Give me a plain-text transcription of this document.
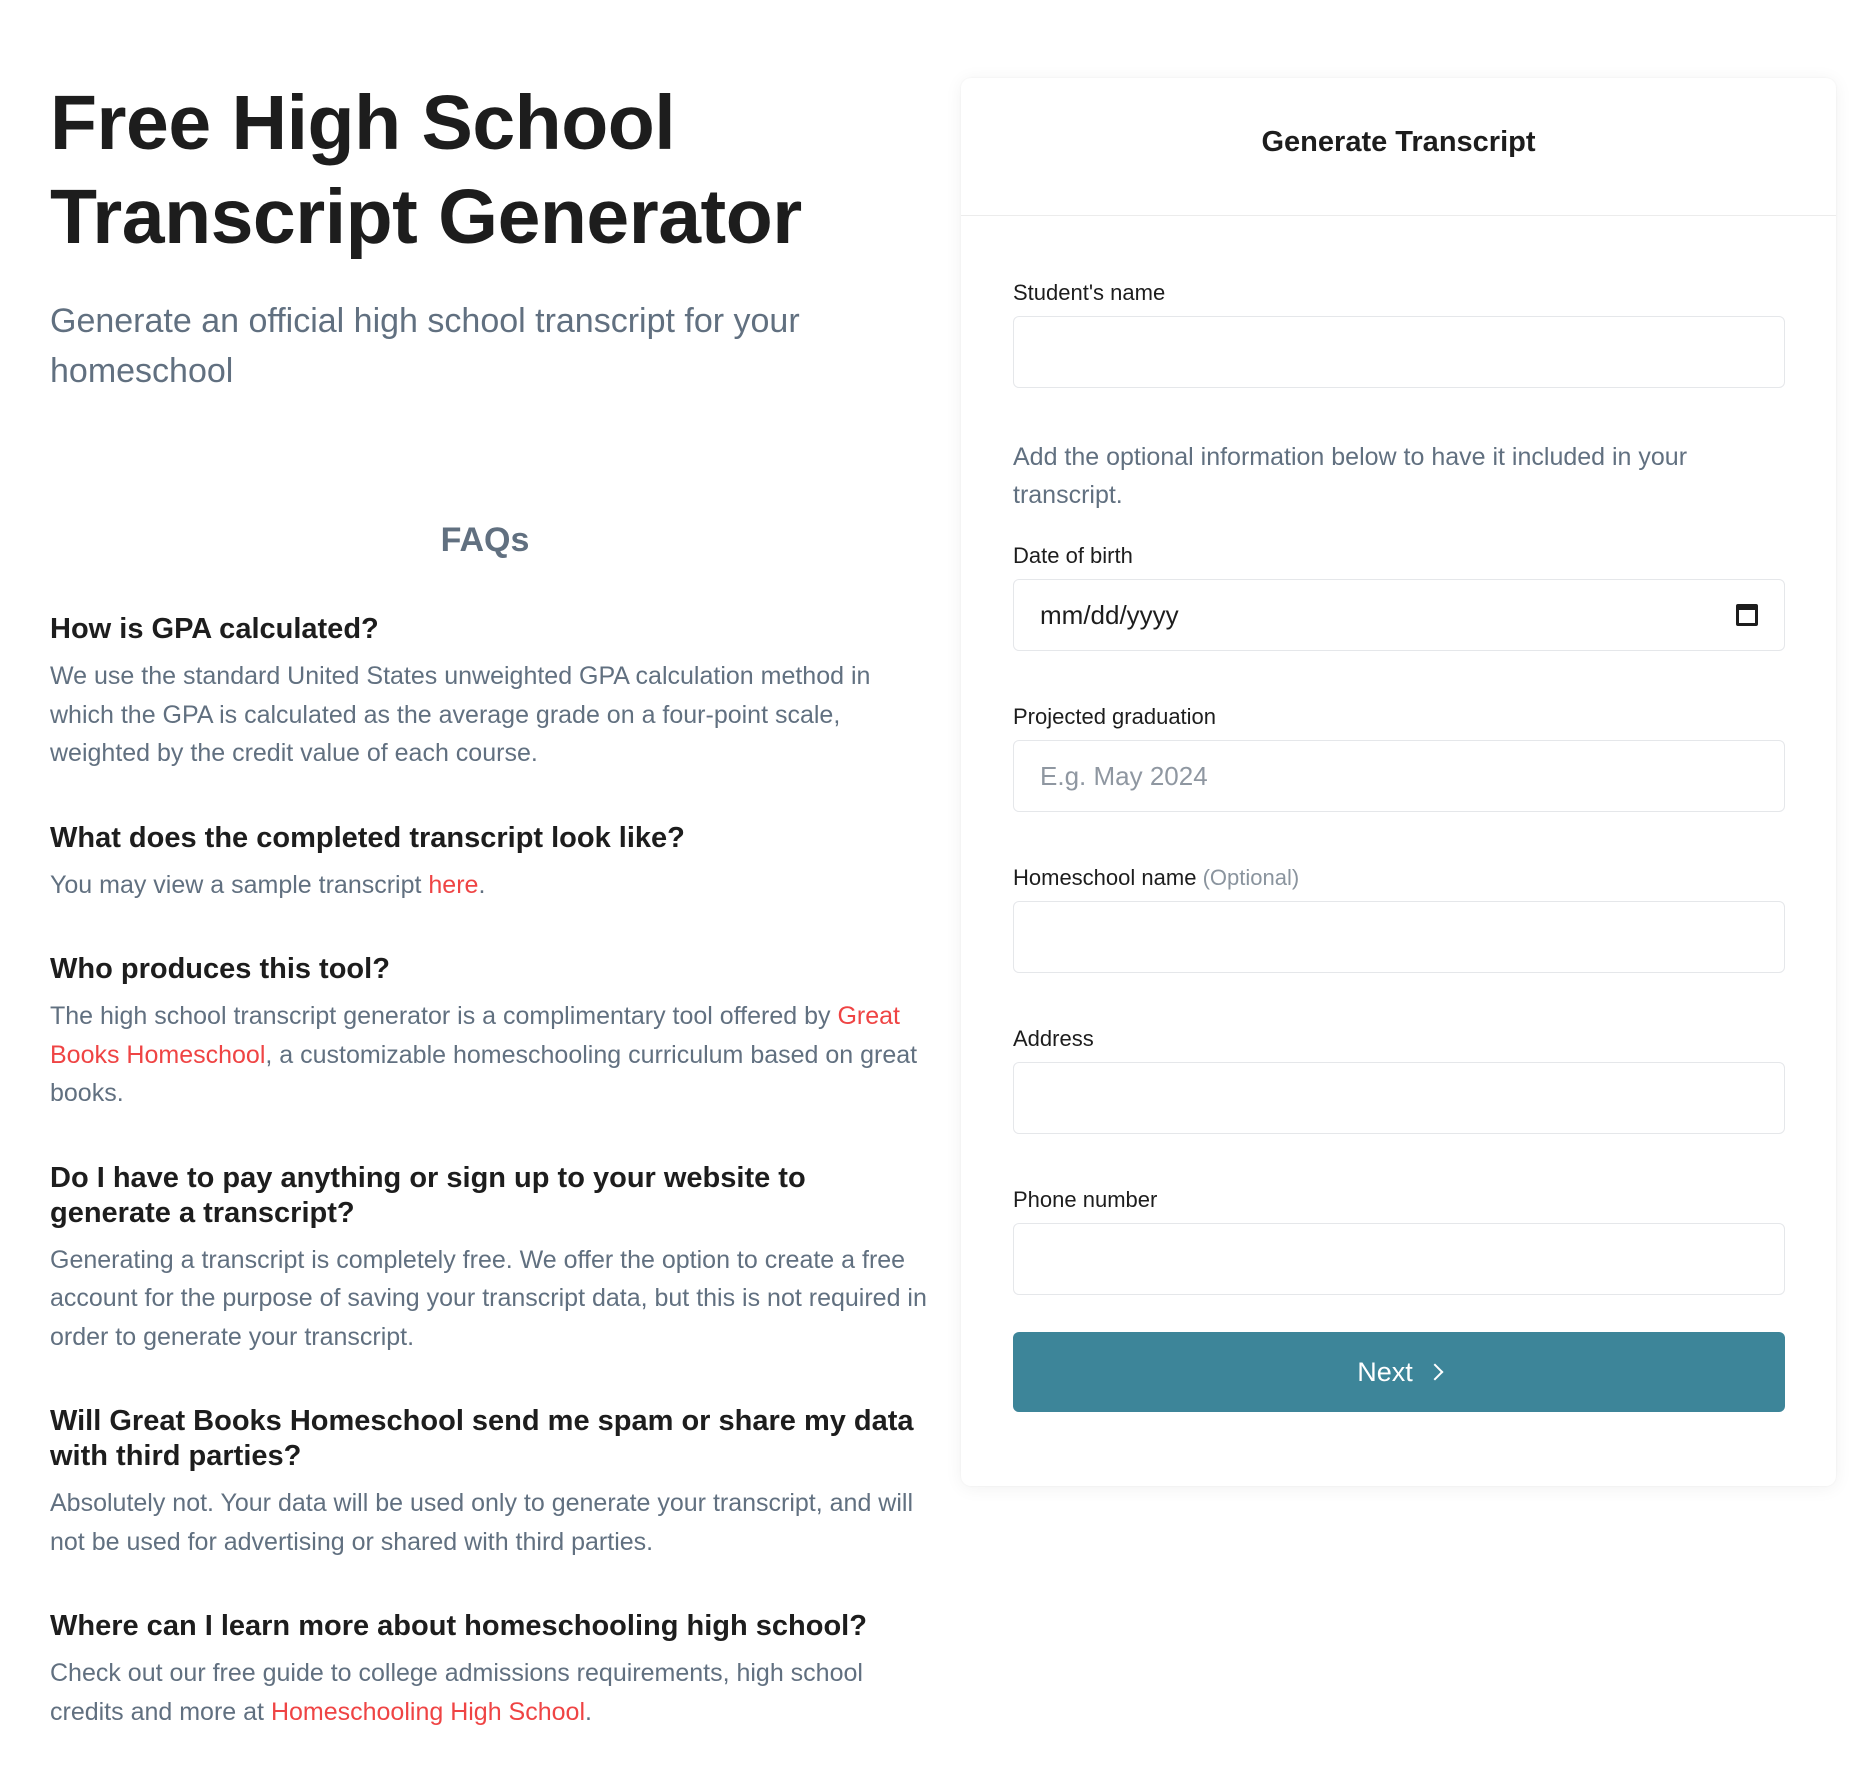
Free High School
Transcript Generator

Generate an official high school transcript for your homeschool

FAQs
How is GPA calculated?

We use the standard United States unweighted GPA calculation method in which the GPA is calculated as the average grade on a four-point scale, weighted by the credit value of each course.

What does the completed transcript look like?

You may view a sample transcript here.

Who produces this tool?

The high school transcript generator is a complimentary tool offered by Great Books Homeschool, a customizable homeschooling curriculum based on great books.

Do I have to pay anything or sign up to your website to generate a transcript?

Generating a transcript is completely free. We offer the option to create a free account for the purpose of saving your transcript data, but this is not required in order to generate your transcript.

Will Great Books Homeschool send me spam or share my data with third parties?

Absolutely not. Your data will be used only to generate your transcript, and will not be used for advertising or shared with third parties.

Where can I learn more about homeschooling high school?

Check out our free guide to college admissions requirements, high school credits and more at Homeschooling High School.

Generate Transcript
Student's name

Add the optional information below to have it included in your transcript.

Date of birth
mm/dd/yyyy
Projected graduation
E.g. May 2024
Homeschool name (Optional)
Address
Phone number
Next
